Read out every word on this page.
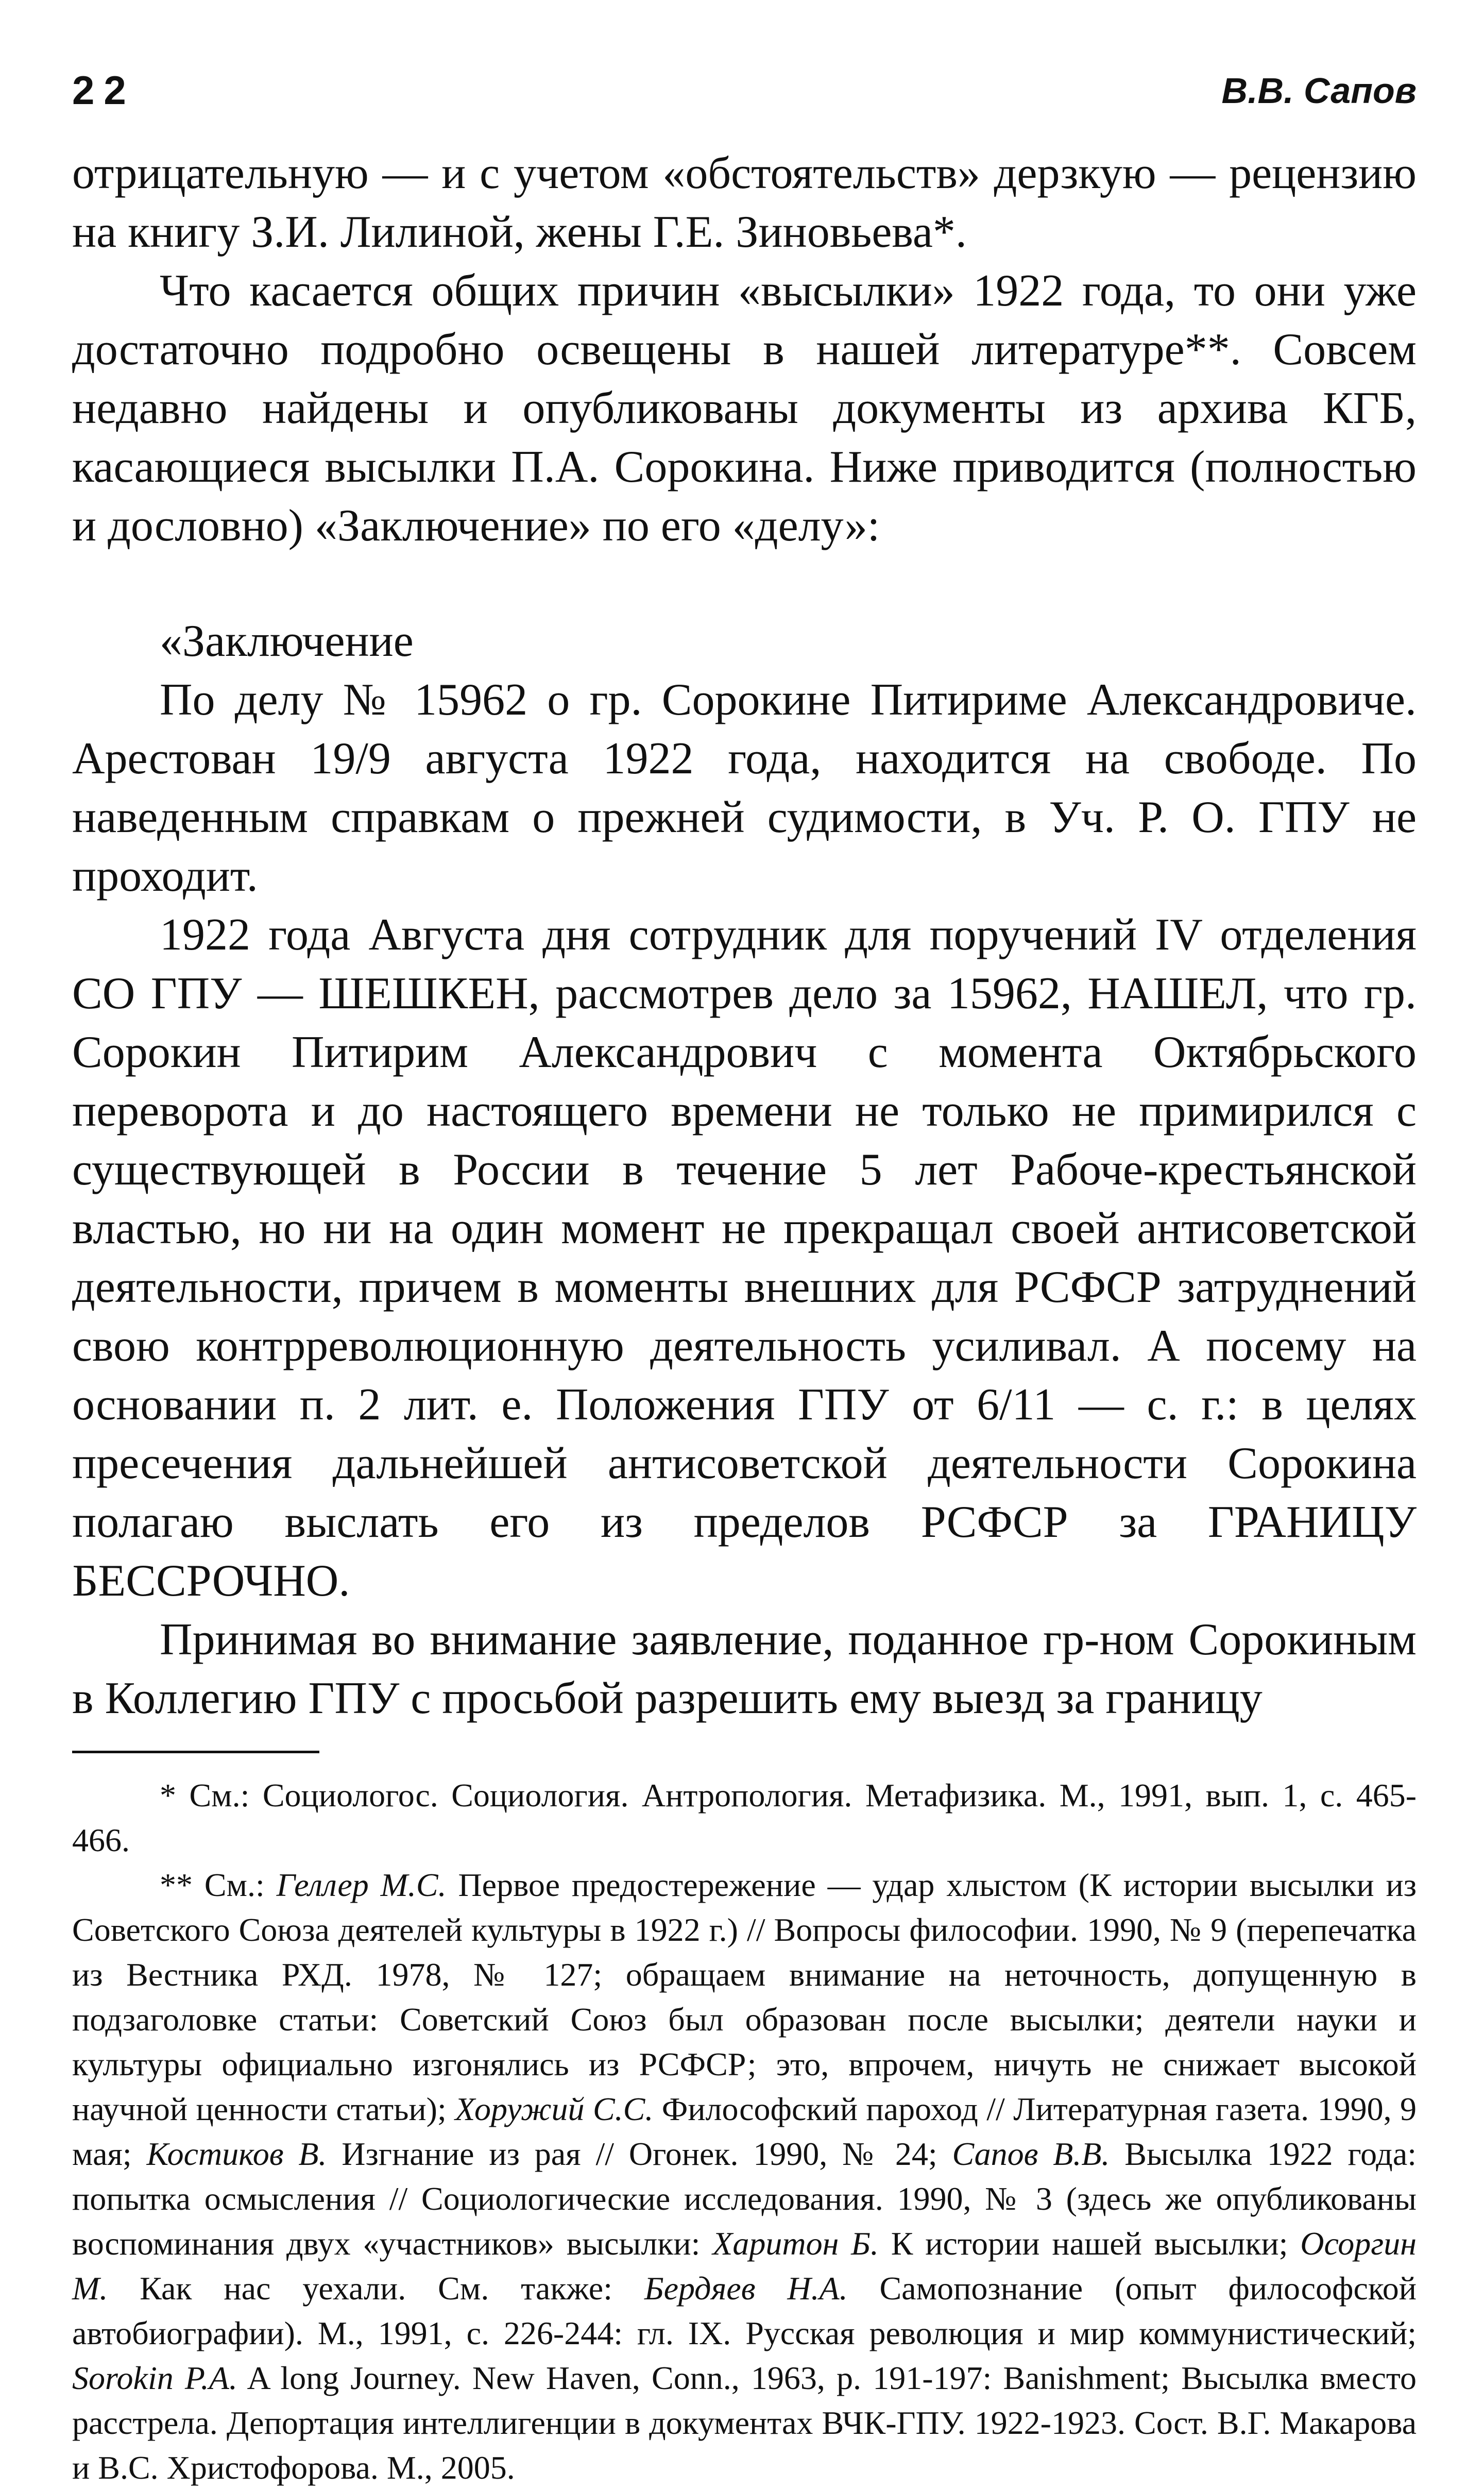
22	В.В. Сапов

отрицательную — и с учетом «обстоятельств» дерзкую — рецензию на книгу З.И. Лилиной, жены Г.Е. Зиновьева*.

Что касается общих причин «высылки» 1922 года, то они уже достаточно подробно освещены в нашей литературе**. Совсем недавно найдены и опубликованы документы из архива КГБ, касающиеся высылки П.А. Сорокина. Ниже приводится (полностью и дословно) «Заключение» по его «делу»:

«Заключение

По делу № 15962 о гр. Сорокине Питириме Александровиче. Арестован 19/9 августа 1922 года, находится на свободе. По наведенным справкам о прежней судимости, в Уч. Р. О. ГПУ не проходит.

1922 года Августа дня сотрудник для поручений IV отделения СО ГПУ — ШЕШКЕН, рассмотрев дело за 15962, НАШЕЛ, что гр. Сорокин Питирим Александрович с момента Октябрьского переворота и до настоящего времени не только не примирился с существующей в России в течение 5 лет Рабоче-крестьянской властью, но ни на один момент не прекращал своей антисоветской деятельности, причем в моменты внешних для РСФСР затруднений свою контрреволюционную деятельность усиливал. А посему на основании п. 2 лит. е. Положения ГПУ от 6/11 — с. г.: в целях пресечения дальнейшей антисоветской деятельности Сорокина полагаю выслать его из пределов РСФСР за ГРАНИЦУ БЕССРОЧНО.

Принимая во внимание заявление, поданное гр-ном Сорокиным в Коллегию ГПУ с просьбой разрешить ему выезд за границу

* См.: Социологос. Социология. Антропология. Метафизика. М., 1991, вып. 1, с. 465-466.

** См.: Геллер М.С. Первое предостережение — удар хлыстом (К истории высылки из Советского Союза деятелей культуры в 1922 г.) // Вопросы философии. 1990, № 9 (перепечатка из Вестника РХД. 1978, № 127; обращаем внимание на неточность, допущенную в подзаголовке статьи: Советский Союз был образован после высылки; деятели науки и культуры официально изгонялись из РСФСР; это, впрочем, ничуть не снижает высокой научной ценности статьи); Хоружий С.С. Философский пароход // Литературная газета. 1990, 9 мая; Костиков В. Изгнание из рая // Огонек. 1990, № 24; Сапов В.В. Высылка 1922 года: попытка осмысления // Социологические исследования. 1990, № 3 (здесь же опубликованы воспоминания двух «участников» высылки: Харитон Б. К истории нашей высылки; Осоргин М. Как нас уехали. См. также: Бердяев Н.А. Самопознание (опыт философской автобиографии). М., 1991, с. 226-244: гл. IX. Русская революция и мир коммунистический; Sorokin P.A. A long Journey. New Haven, Conn., 1963, p. 191-197: Banishment; Высылка вместо расстрела. Депортация интеллигенции в документах ВЧК-ГПУ. 1922-1923. Сост. В.Г. Макарова и В.С. Христофорова. М., 2005.
